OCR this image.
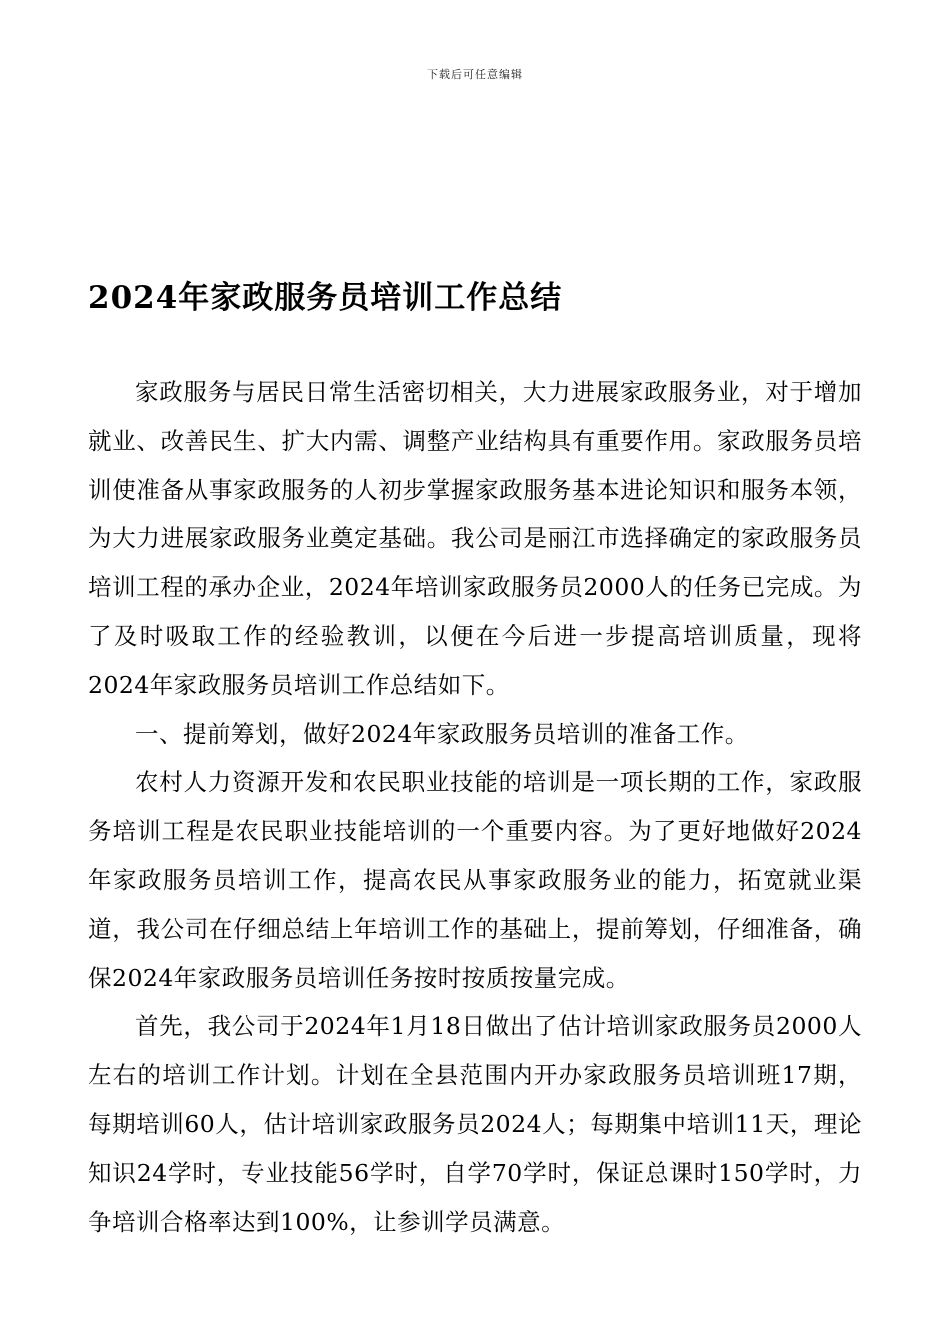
下载后可任意编辑
2024年家政服务员培训工作总结

家政服务与居民日常生活密切相关，大力进展家政服务业，对于增加就业、改善民生、扩大内需、调整产业结构具有重要作用。家政服务员培训使准备从事家政服务的人初步掌握家政服务基本进论知识和服务本领，为大力进展家政服务业奠定基础。我公司是丽江市选择确定的家政服务员培训工程的承办企业，2024年培训家政服务员2000人的任务已完成。为了及时吸取工作的经验教训，以便在今后进一步提高培训质量，现将2024年家政服务员培训工作总结如下。

一、提前筹划，做好2024年家政服务员培训的准备工作。

农村人力资源开发和农民职业技能的培训是一项长期的工作，家政服务培训工程是农民职业技能培训的一个重要内容。为了更好地做好2024年家政服务员培训工作，提高农民从事家政服务业的能力，拓宽就业渠道，我公司在仔细总结上年培训工作的基础上，提前筹划，仔细准备，确保2024年家政服务员培训任务按时按质按量完成。

首先，我公司于2024年1月18日做出了估计培训家政服务员2000人左右的培训工作计划。计划在全县范围内开办家政服务员培训班17期，每期培训60人，估计培训家政服务员2024人；每期集中培训11天，理论知识24学时，专业技能56学时，自学70学时，保证总课时150学时，力争培训合格率达到100%，让参训学员满意。
